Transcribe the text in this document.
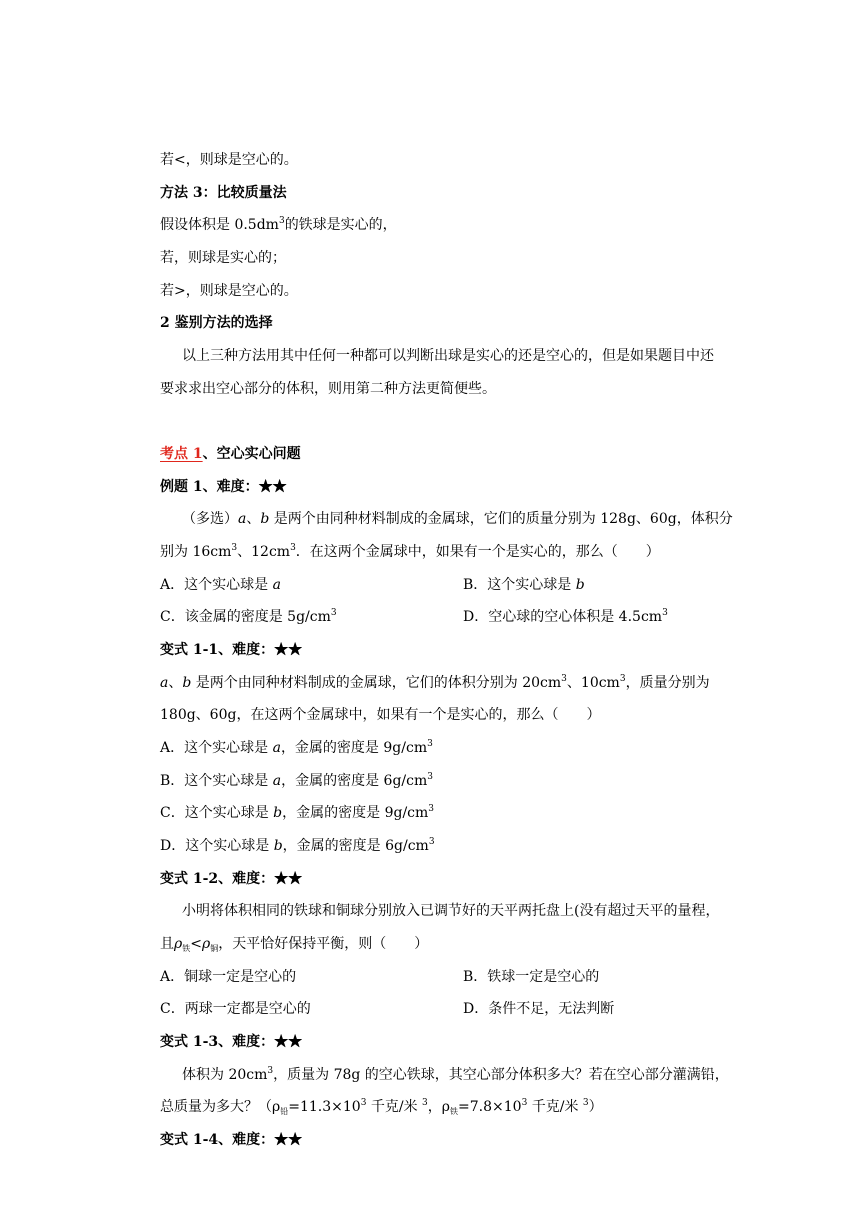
若<，则球是空心的。
方法 3：比较质量法
假设体积是 $0.5dm^3$的铁球是实心的，
若，则球是实心的；
若>，则球是空心的。
2 鉴别方法的选择
以上三种方法用其中任何一种都可以判断出球是实心的还是空心的，但是如果题目中还
要求求出空心部分的体积，则用第二种方法更简便些。
考点 1、空心实心问题
例题 1、难度：★★
（多选）a、b 是两个由同种材料制成的金属球，它们的质量分别为 128g、60g，体积分
别为 $16cm^3$、$12cm^3$．在这两个金属球中，如果有一个是实心的，那么（　　）
A．这个实心球是 a	B．这个实心球是 b
C．该金属的密度是 $5g/cm^3$	D．空心球的空心体积是 $4.5cm^3$
变式 1-1、难度：★★
a、b 是两个由同种材料制成的金属球，它们的体积分别为 $20cm^3$、$10cm^3$，质量分别为
180g、60g，在这两个金属球中，如果有一个是实心的，那么（　　）
A．这个实心球是 a，金属的密度是 $9g/cm^3$
B．这个实心球是 a，金属的密度是 $6g/cm^3$
C．这个实心球是 b，金属的密度是 $9g/cm^3$
D．这个实心球是 b，金属的密度是 $6g/cm^3$
变式 1-2、难度：★★
小明将体积相同的铁球和铜球分别放入已调节好的天平两托盘上(没有超过天平的量程，
且$\rho_铁<\rho_铜$，天平恰好保持平衡，则（　　）
A．铜球一定是空心的	B．铁球一定是空心的
C．两球一定都是空心的	D．条件不足，无法判断
变式 1-3、难度：★★
体积为 $20cm^3$，质量为 78g 的空心铁球，其空心部分体积多大？若在空心部分灌满铅，
总质量为多大？（$\rho_铅=11.3\times 10^3$ 千克/米 $^3$，$\rho_铁=7.8\times 10^3$ 千克/米 $^3$）
变式 1-4、难度：★★
